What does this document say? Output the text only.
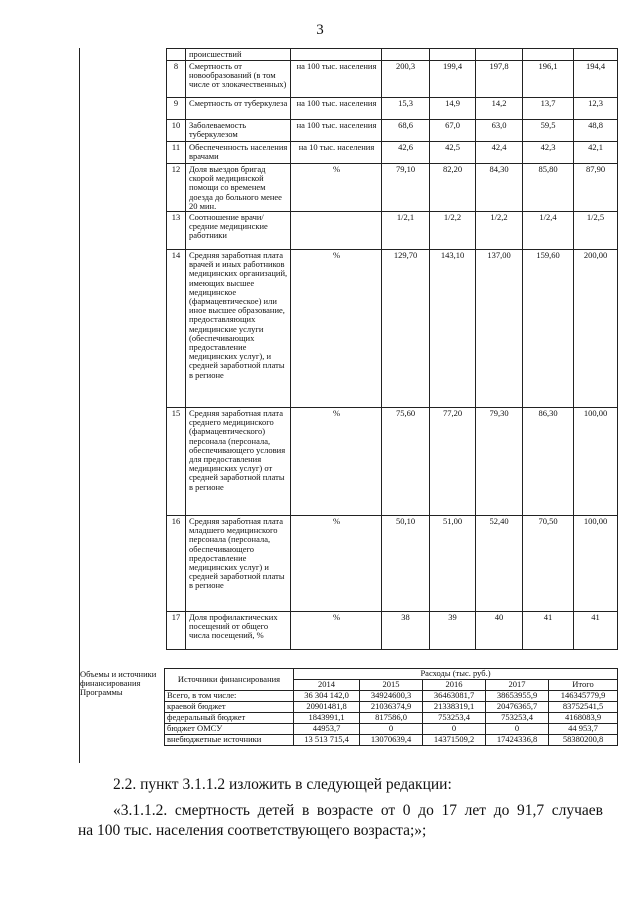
3
	происшествий						
8	Смертность от новообразований (в том числе от злокачественных)	на 100 тыс. населения	200,3	199,4	197,8	196,1	194,4
9	Смертность от туберкулеза	на 100 тыс. населения	15,3	14,9	14,2	13,7	12,3
10	Заболеваемость туберкулезом	на 100 тыс. населения	68,6	67,0	63,0	59,5	48,8
11	Обеспеченность населения врачами	на 10 тыс. населения	42,6	42,5	42,4	42,3	42,1
12	Доля выездов бригад скорой медицинской помощи со временем доезда до больного менее 20 мин.	%	79,10	82,20	84,30	85,80	87,90
13	Соотношение врачи/средние медицинские работники		1/2,1	1/2,2	1/2,2	1/2,4	1/2,5
14	Средняя заработная плата врачей и иных работников медицинских организаций, имеющих высшее медицинское (фармацевтическое) или иное высшее образование, предоставляющих медицинские услуги (обеспечивающих предоставление медицинских услуг), и средней заработной платы в регионе	%	129,70	143,10	137,00	159,60	200,00
15	Средняя заработная плата среднего медицинского (фармацевтического) персонала (персонала, обеспечивающего условия для предоставления медицинских услуг) от средней заработной платы в регионе	%	75,60	77,20	79,30	86,30	100,00
16	Средняя заработная плата младшего медицинского персонала (персонала, обеспечивающего предоставление медицинских услуг) и средней заработной платы в регионе	%	50,10	51,00	52,40	70,50	100,00
17	Доля профилактических посещений от общего числа посещений, %	%	38	39	40	41	41
Объемы и источники финансирования Программы
Источники финансирования	Расходы (тыс. руб.)				
	2014	2015	2016	2017	Итого
Всего, в том числе:	36 304 142,0	34924600,3	36463081,7	38653955,9	146345779,9
краевой бюджет	20901481,8	21036374,9	21338319,1	20476365,7	83752541,5
федеральный бюджет	1843991,1	817586,0	753253,4	753253,4	4168083,9
бюджет ОМСУ	44953,7	0	0	0	44 953,7
внебюджетные источники	13 513 715,4	13070639,4	14371509,2	17424336,8	58380200,8
2.2. пункт 3.1.1.2 изложить в следующей редакции:
«3.1.1.2. смертность детей в возрасте от 0 до 17 лет до 91,7 случаев
на 100 тыс. населения соответствующего возраста;»;
